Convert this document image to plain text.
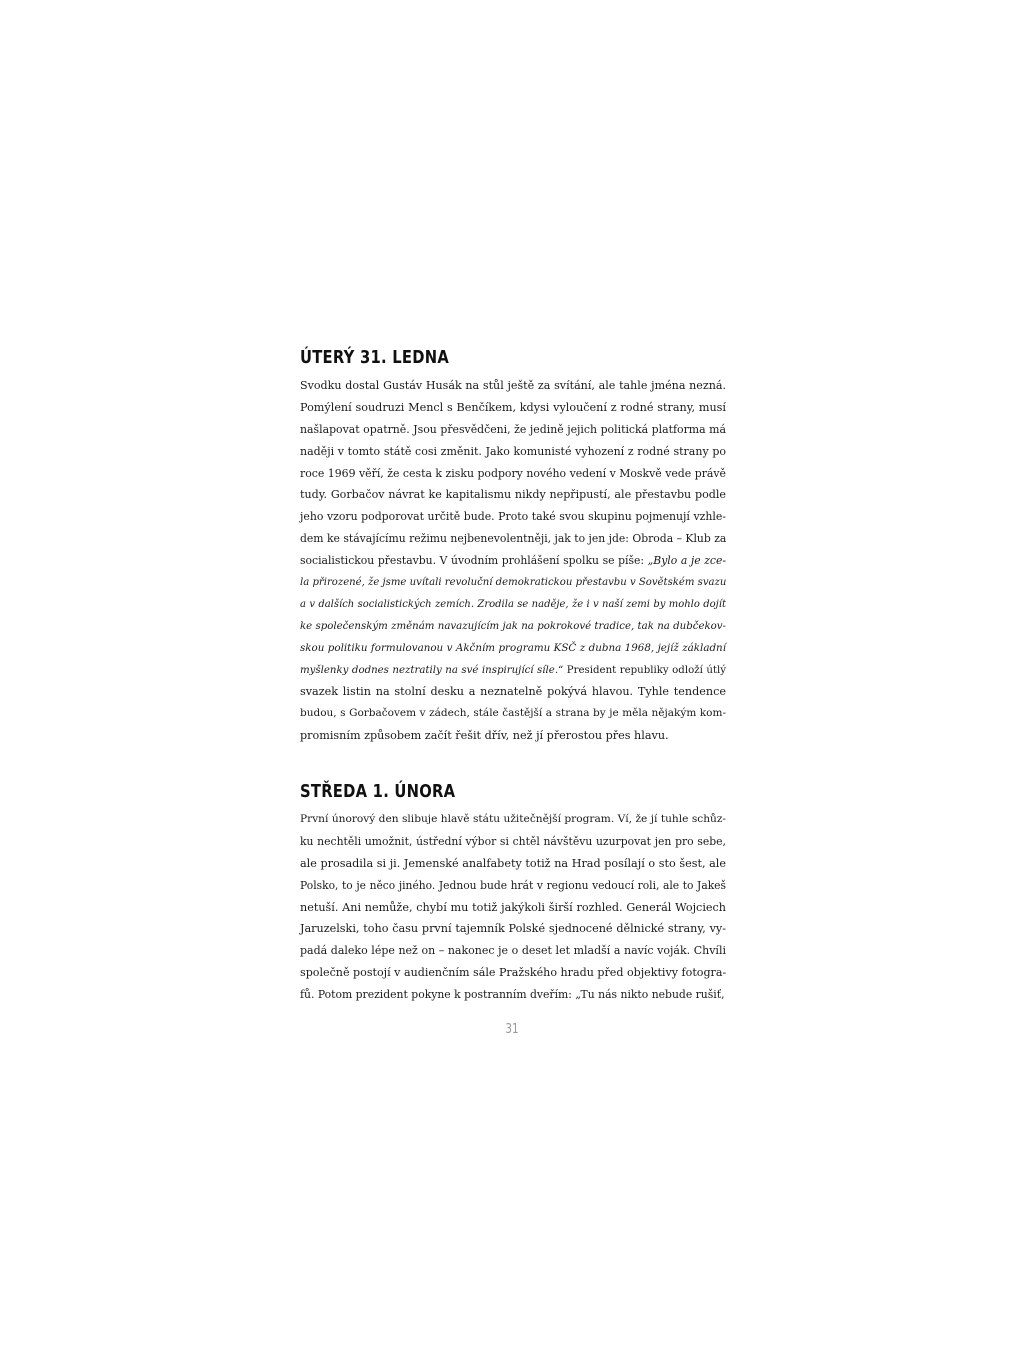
ÚTERÝ 31. LEDNA
Svodku dostal Gustáv Husák na stůl ještě za svítání, ale tahle jména nezná.
Pomýlení soudruzi Mencl s Benčíkem, kdysi vyloučení z rodné strany, musí
našlapovat opatrně. Jsou přesvědčeni, že jedině jejich politická platforma má
naději v tomto státě cosi změnit. Jako komunisté vyhození z rodné strany po
roce 1969 věří, že cesta k zisku podpory nového vedení v Moskvě vede právě
tudy. Gorbačov návrat ke kapitalismu nikdy nepřipustí, ale přestavbu podle
jeho vzoru podporovat určitě bude. Proto také svou skupinu pojmenují vzhle-
dem ke stávajícímu režimu nejbenevolentněji, jak to jen jde: Obroda – Klub za
socialistickou přestavbu. V úvodním prohlášení spolku se píše: „Bylo a je zce-
la přirozené, že jsme uvítali revoluční demokratickou přestavbu v Sovětském svazu
a v dalších socialistických zemích. Zrodila se naděje, že i v naší zemi by mohlo dojít
ke společenským změnám navazujícím jak na pokrokové tradice, tak na dubčekov-
skou politiku formulovanou v Akčním programu KSČ z dubna 1968, jejíž základní
myšlenky dodnes neztratily na své inspirující síle.“ President republiky odloží útlý
svazek listin na stolní desku a neznatelně pokývá hlavou. Tyhle tendence
budou, s Gorbačovem v zádech, stále častější a strana by je měla nějakým kom-
promisním způsobem začít řešit dřív, než jí přerostou přes hlavu.
STŘEDA 1. ÚNORA
První únorový den slibuje hlavě státu užitečnější program. Ví, že jí tuhle schůz-
ku nechtěli umožnit, ústřední výbor si chtěl návštěvu uzurpovat jen pro sebe,
ale prosadila si ji. Jemenské analfabety totiž na Hrad posílají o sto šest, ale
Polsko, to je něco jiného. Jednou bude hrát v regionu vedoucí roli, ale to Jakeš
netuší. Ani nemůže, chybí mu totiž jakýkoli širší rozhled. Generál Wojciech
Jaruzelski, toho času první tajemník Polské sjednocené dělnické strany, vy-
padá daleko lépe než on – nakonec je o deset let mladší a navíc voják. Chvíli
společně postojí v audienčním sále Pražského hradu před objektivy fotogra-
fů. Potom prezident pokyne k postranním dveřím: „Tu nás nikto nebude rušiť,
31
